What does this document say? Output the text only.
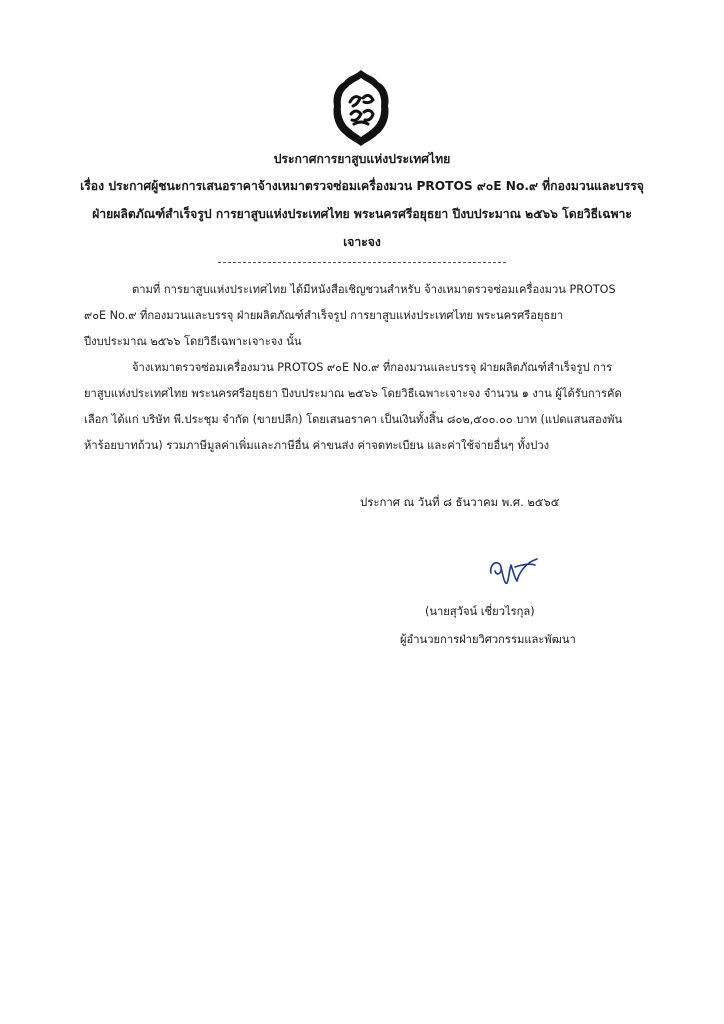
ประกาศการยาสูบแห่งประเทศไทย
เรื่อง ประกาศผู้ชนะการเสนอราคาจ้างเหมาตรวจซ่อมเครื่องมวน PROTOS ๙๐E No.๙ ที่กองมวนและบรรจุ
ฝ่ายผลิตภัณฑ์สำเร็จรูป การยาสูบแห่งประเทศไทย พระนครศรีอยุธยา ปีงบประมาณ ๒๕๖๖ โดยวิธีเฉพาะ
เจาะจง
ตามที่ การยาสูบแห่งประเทศไทย ได้มีหนังสือเชิญชวนสำหรับ จ้างเหมาตรวจซ่อมเครื่องมวน PROTOS
๙๐E No.๙ ที่กองมวนและบรรจุ ฝ่ายผลิตภัณฑ์สำเร็จรูป การยาสูบแห่งประเทศไทย พระนครศรีอยุธยา
ปีงบประมาณ ๒๕๖๖ โดยวิธีเฉพาะเจาะจง นั้น
จ้างเหมาตรวจซ่อมเครื่องมวน PROTOS ๙๐E No.๙ ที่กองมวนและบรรจุ ฝ่ายผลิตภัณฑ์สำเร็จรูป การ
ยาสูบแห่งประเทศไทย พระนครศรีอยุธยา ปีงบประมาณ ๒๕๖๖ โดยวิธีเฉพาะเจาะจง จำนวน ๑ งาน ผู้ได้รับการคัด
เลือก ได้แก่ บริษัท พี.ประชุม จำกัด (ขายปลีก) โดยเสนอราคา เป็นเงินทั้งสิ้น ๘๐๒,๕๐๐.๐๐ บาท (แปดแสนสองพัน
ห้าร้อยบาทถ้วน) รวมภาษีมูลค่าเพิ่มและภาษีอื่น ค่าขนส่ง ค่าจดทะเบียน และค่าใช้จ่ายอื่นๆ ทั้งปวง
ประกาศ ณ วันที่ ๘ ธันวาคม พ.ศ. ๒๕๖๕
(นายสุวัจน์ เชี่ยวไรกุล)
ผู้อำนวยการฝ่ายวิศวกรรมและพัฒนา
